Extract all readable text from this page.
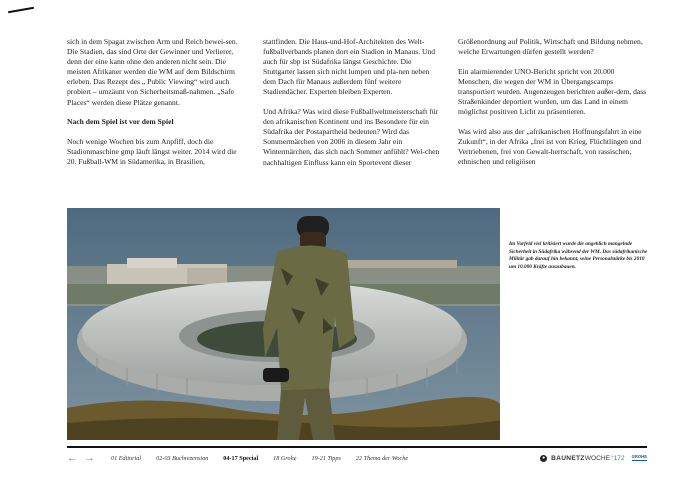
sich in dem Spagat zwischen Arm und Reich bewei-sen. Die Stadien, das sind Orte der Gewinner und Verlierer, denn der eine kann ohne den anderen nicht sein. Die meisten Afrikaner werden die WM auf dem Bildschirm erleben. Das Rezept des „ Public Viewing“ wird auch probiert – umzäunt von Sicherheitsmaß-nahmen. „Safe Places“ werden diese Plätze genannt.

Nach dem Spiel ist vor dem Spiel

Noch wenige Wochen bis zum Anpfiff, doch die Stadionmaschine gmp läuft längst weiter. 2014 wird die 20. Fußball-WM in Südamerika, in Brasilien,

stattfinden. Die Haus-und-Hof-Architekten des Welt-fußballverbands planen dort ein Stadion in Manaus. Und auch für sbp ist Südafrika längst Geschichte. Die Stuttgarter lassen sich nicht lumpen und pla-nen neben dem Dach für Manaus außerdem fünf weitere Stadiendächer. Experten bleiben Experten.

Und Afrika? Was wird diese Fußballweltmeisterschaft für den afrikanischen Kontinent und ins Besondere für ein Südafrika der Postapartheid bedeuten? Wird das Sommermärchen von 2006 in diesem Jahr ein Wintermärchen, das sich nach Sommer anfühlt? Wel-chen nachhaltigen Einfluss kann ein Sportevent dieser

Größenordnung auf Politik, Wirtschaft und Bildung nehmen, welche Erwartungen dürfen gestellt werden?

Ein alarmierender UNO-Bericht spricht von 20.000 Menschen, die wegen der WM in Übergangscamps transportiert wurden. Augenzeugen berichten außer-dem, dass Straßenkinder deportiert wurden, um das Land in einem möglichst positiven Licht zu präsentieren.

Was wird also aus der „afrikanischen Hoffnungsfahrt in eine Zukunft“, in der Afrika „frei ist von Krieg, Flüchtlingen und Vertriebenen, frei von Gewalt-herrschaft, von rassischen, ethnischen und religiösen

Im Vorfeld viel kritisiert wurde die angeblich mangelnde Sicherheit in Südafrika während der WM. Das südafrikanische Militär gab darauf hin bekannt, seine Personalstärke bis 2010 um 10.000 Kräfte auszubauen.
← →	01 Editorial 02-03 Buchrezension 04-17 Special 18 Grohe 19-21 Tipps 22 Thema der Woche	● BAUNETZ WOCHE °172 GROHE
